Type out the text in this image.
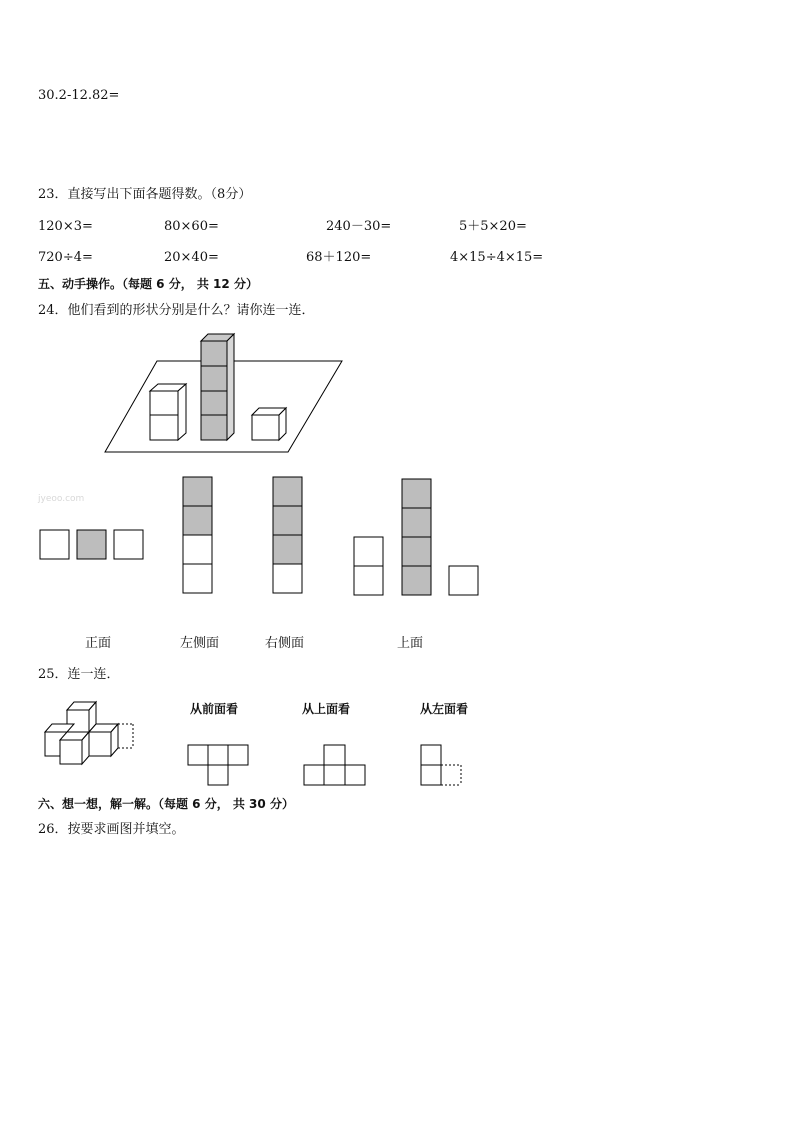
30.2-12.82=
23．直接写出下面各题得数。（8分）
120×3=	80×60=	240－30=	5＋5×20=
720÷4=	20×40=	68＋120=	4×15÷4×15=
五、动手操作。（每题 6 分， 共 12 分）
24．他们看到的形状分别是什么？请你连一连．
jyeoo.com
正面	左侧面	右侧面	上面
25．连一连．
从前面看	从上面看	从左面看
六、想一想，解一解。（每题 6 分， 共 30 分）
26．按要求画图并填空。
